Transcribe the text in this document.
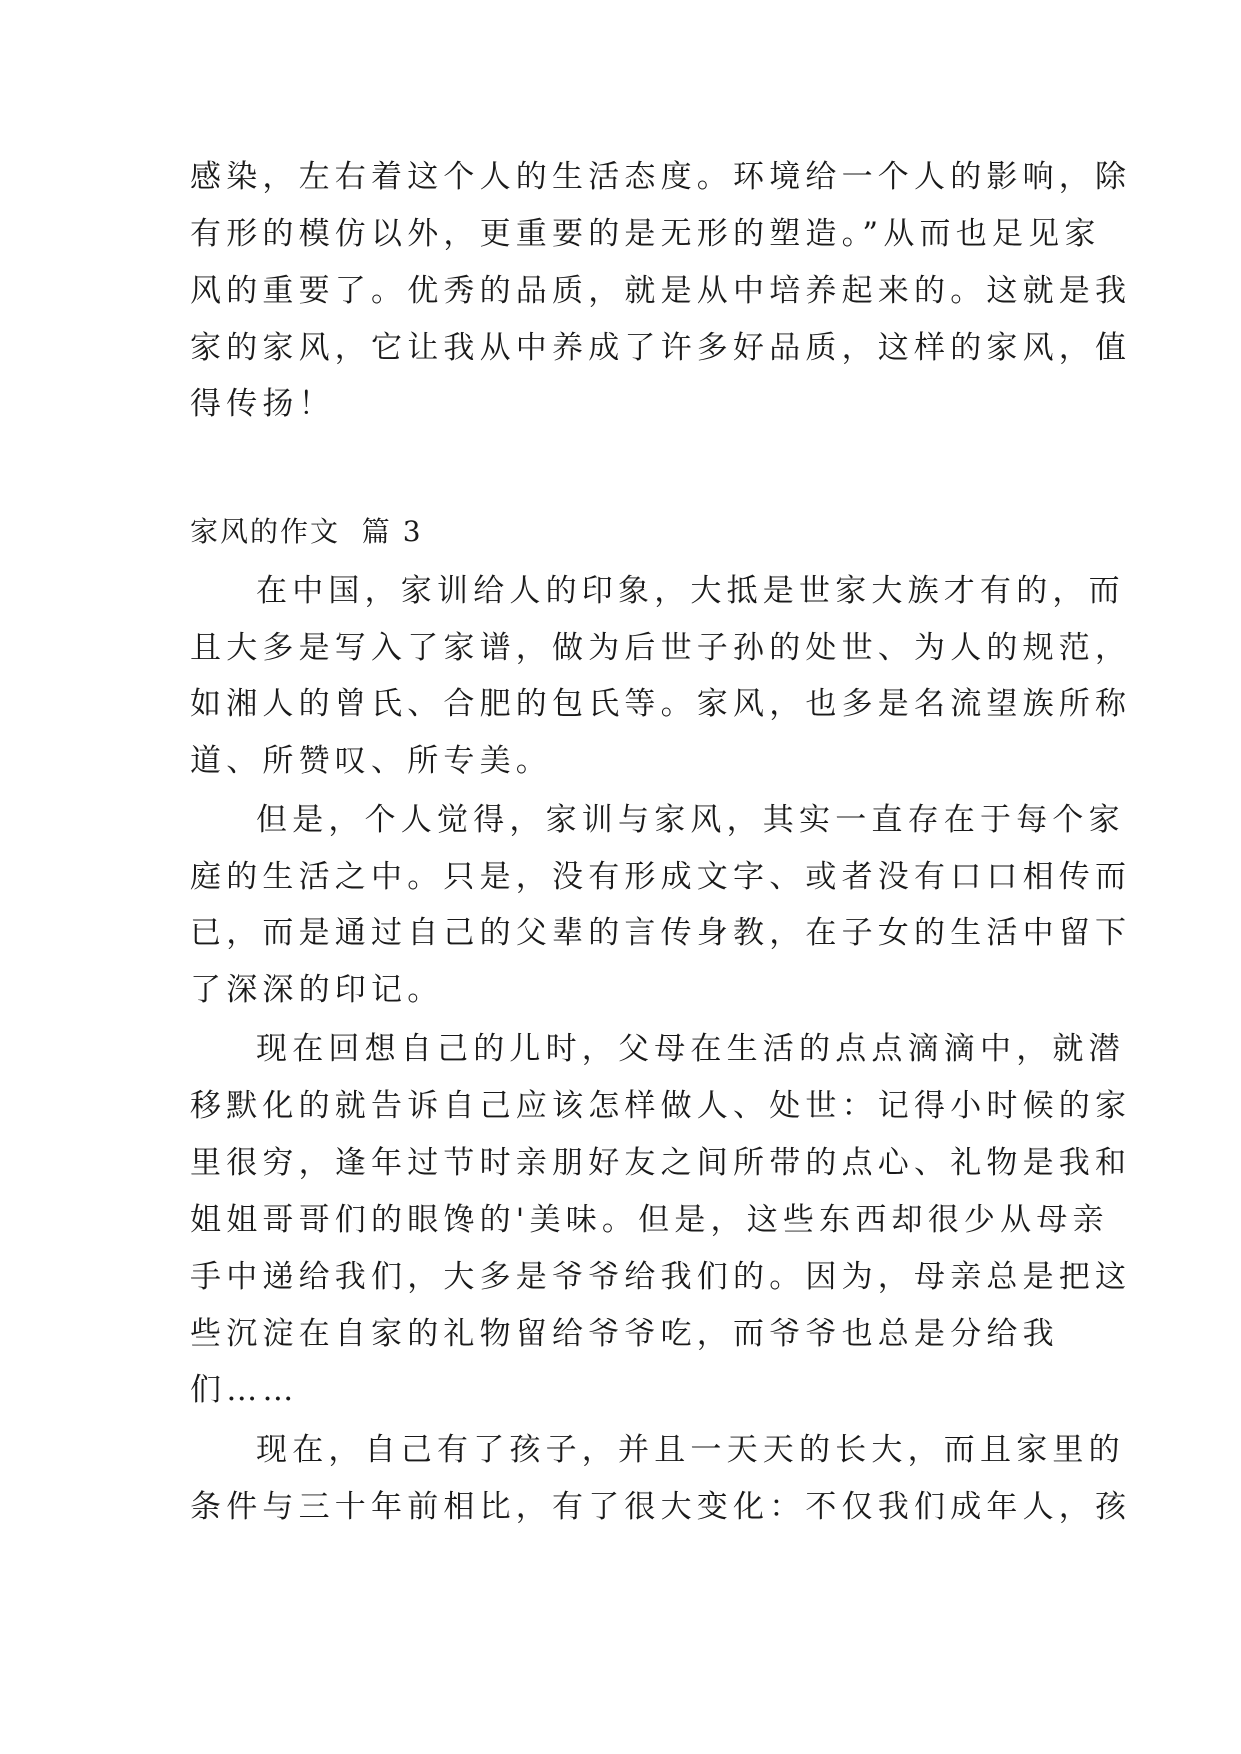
感染，左右着这个人的生活态度。环境给一个人的影响，除
有形的模仿以外，更重要的是无形的塑造。”从而也足见家
风的重要了。优秀的品质，就是从中培养起来的。这就是我
家的家风，它让我从中养成了许多好品质，这样的家风，值
得传扬！
家风的作文  篇 3
在中国，家训给人的印象，大抵是世家大族才有的，而
且大多是写入了家谱，做为后世子孙的处世、为人的规范，
如湘人的曾氏、合肥的包氏等。家风，也多是名流望族所称
道、所赞叹、所专美。
但是，个人觉得，家训与家风，其实一直存在于每个家
庭的生活之中。只是，没有形成文字、或者没有口口相传而
已，而是通过自己的父辈的言传身教，在子女的生活中留下
了深深的印记。
现在回想自己的儿时，父母在生活的点点滴滴中，就潜
移默化的就告诉自己应该怎样做人、处世：记得小时候的家
里很穷，逢年过节时亲朋好友之间所带的点心、礼物是我和
姐姐哥哥们的眼馋的'美味。但是，这些东西却很少从母亲
手中递给我们，大多是爷爷给我们的。因为，母亲总是把这
些沉淀在自家的礼物留给爷爷吃，而爷爷也总是分给我
们……
现在，自己有了孩子，并且一天天的长大，而且家里的
条件与三十年前相比，有了很大变化：不仅我们成年人，孩
